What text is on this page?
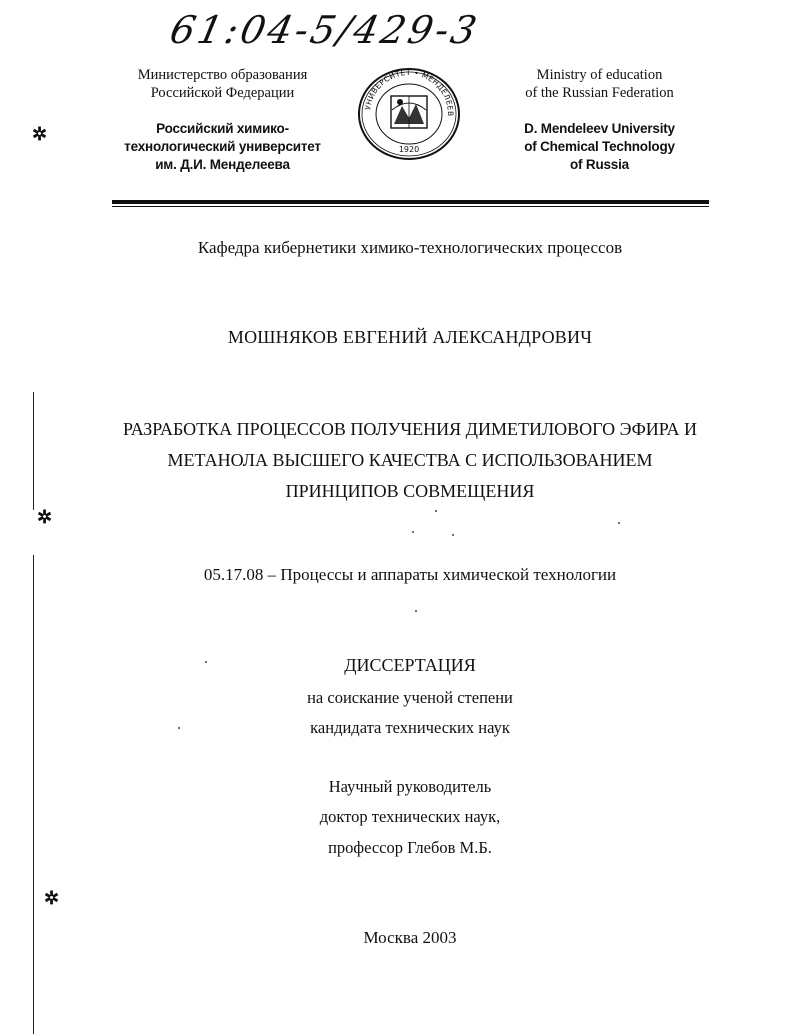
61:04-5/429-3
Министерство образования
Российской Федерации
Российский химико-
технологический университет
им. Д.И. Менделеева
УНИВЕРСИТЕТ • МЕНДЕЛЕЕВ
1920
Ministry of education
of the Russian Federation
D. Mendeleev University
of Chemical Technology
of Russia
Кафедра кибернетики химико-технологических процессов
МОШНЯКОВ ЕВГЕНИЙ АЛЕКСАНДРОВИЧ
РАЗРАБОТКА ПРОЦЕССОВ ПОЛУЧЕНИЯ ДИМЕТИЛОВОГО ЭФИРА И
МЕТАНОЛА ВЫСШЕГО КАЧЕСТВА С ИСПОЛЬЗОВАНИЕМ
ПРИНЦИПОВ СОВМЕЩЕНИЯ
05.17.08 – Процессы и аппараты химической технологии
ДИССЕРТАЦИЯ
на соискание ученой степени
кандидата технических наук
Научный руководитель
доктор технических наук,
профессор Глебов М.Б.
Москва 2003
✲
✲
✲
